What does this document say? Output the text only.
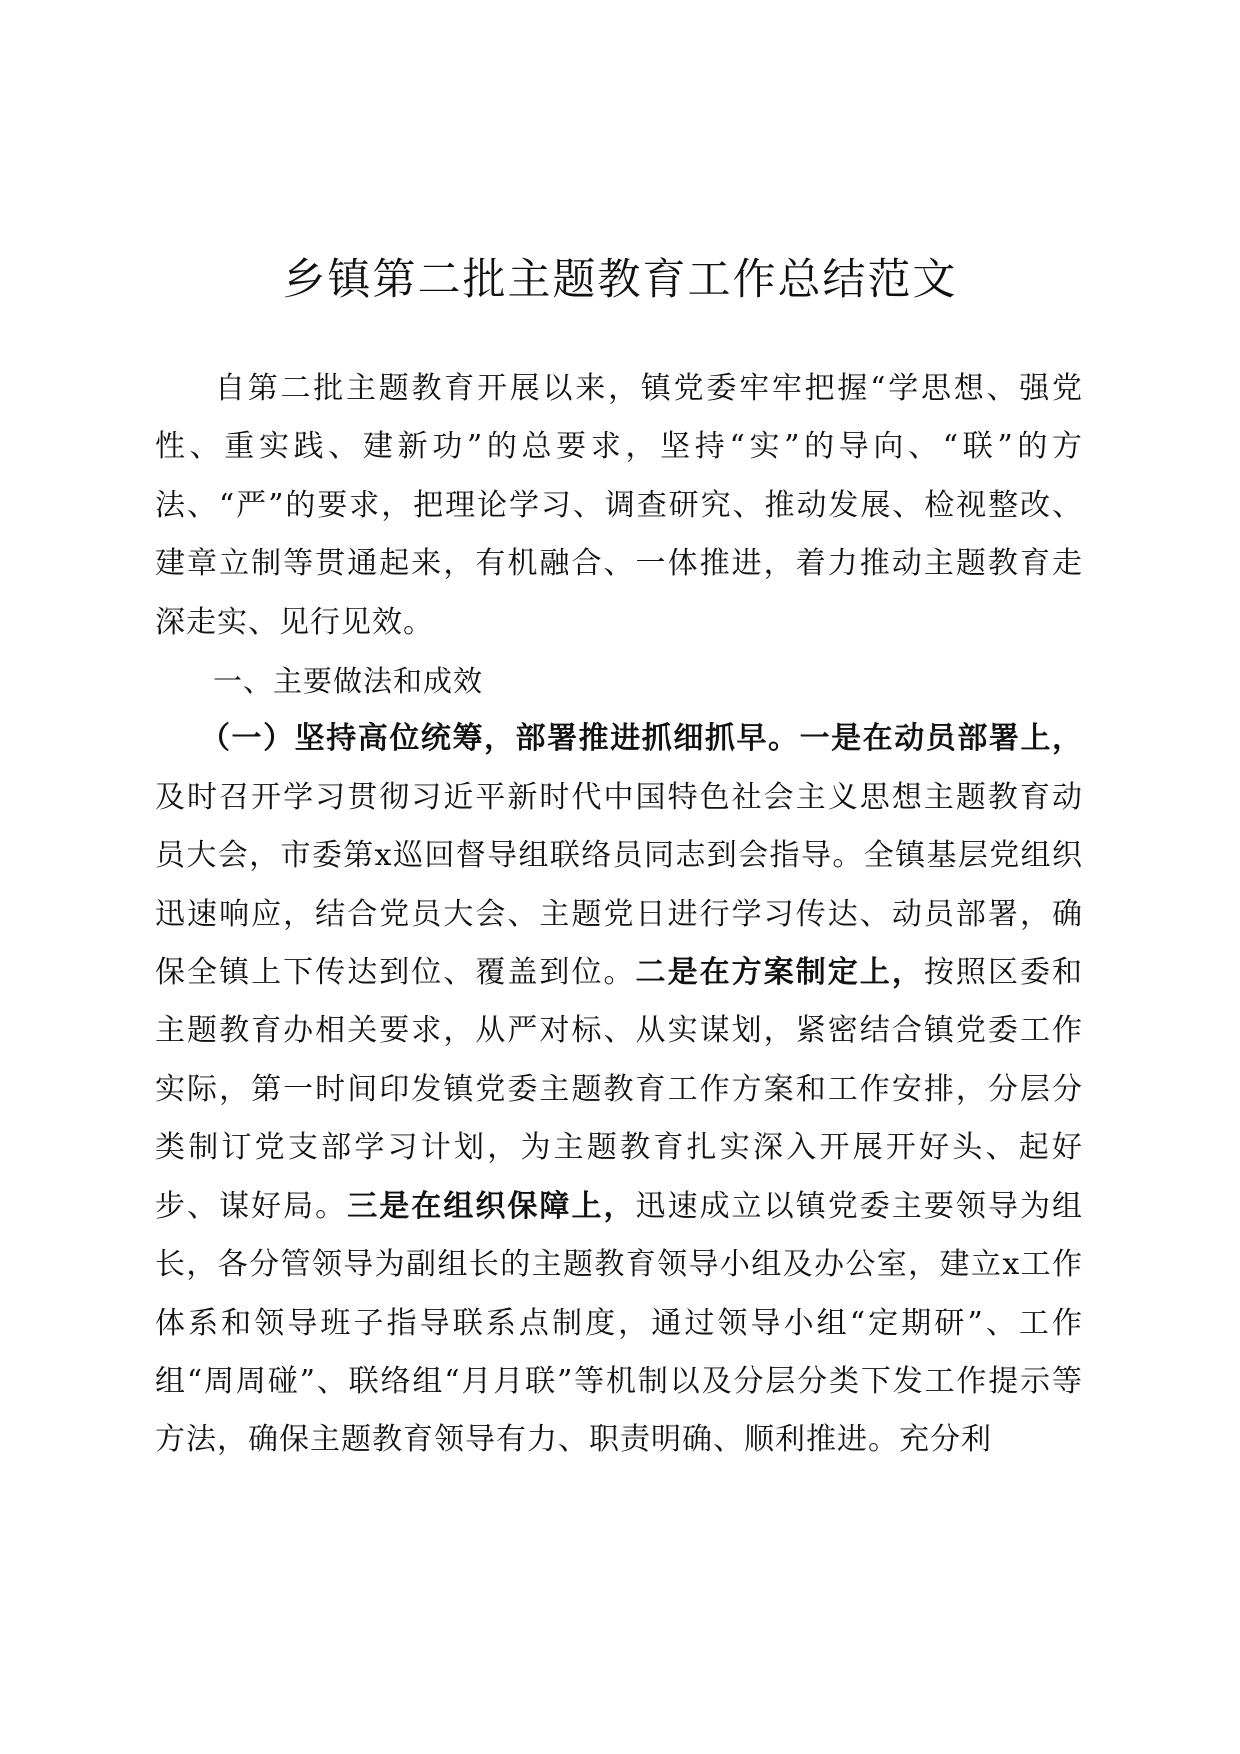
乡镇第二批主题教育工作总结范文

自第二批主题教育开展以来，镇党委牢牢把握“学思想、强党性、重实践、建新功”的总要求，坚持“实”的导向、“联”的方法、“严”的要求，把理论学习、调查研究、推动发展、检视整改、建章立制等贯通起来，有机融合、一体推进，着力推动主题教育走深走实、见行见效。

一、主要做法和成效

（一）坚持高位统筹，部署推进抓细抓早。一是在动员部署上，及时召开学习贯彻习近平新时代中国特色社会主义思想主题教育动员大会，市委第x巡回督导组联络员同志到会指导。全镇基层党组织迅速响应，结合党员大会、主题党日进行学习传达、动员部署，确保全镇上下传达到位、覆盖到位。二是在方案制定上，按照区委和主题教育办相关要求，从严对标、从实谋划，紧密结合镇党委工作实际，第一时间印发镇党委主题教育工作方案和工作安排，分层分类制订党支部学习计划，为主题教育扎实深入开展开好头、起好步、谋好局。三是在组织保障上，迅速成立以镇党委主要领导为组长，各分管领导为副组长的主题教育领导小组及办公室，建立x工作体系和领导班子指导联系点制度，通过领导小组“定期研”、工作组“周周碰”、联络组“月月联”等机制以及分层分类下发工作提示等方法，确保主题教育领导有力、职责明确、顺利推进。充分利
